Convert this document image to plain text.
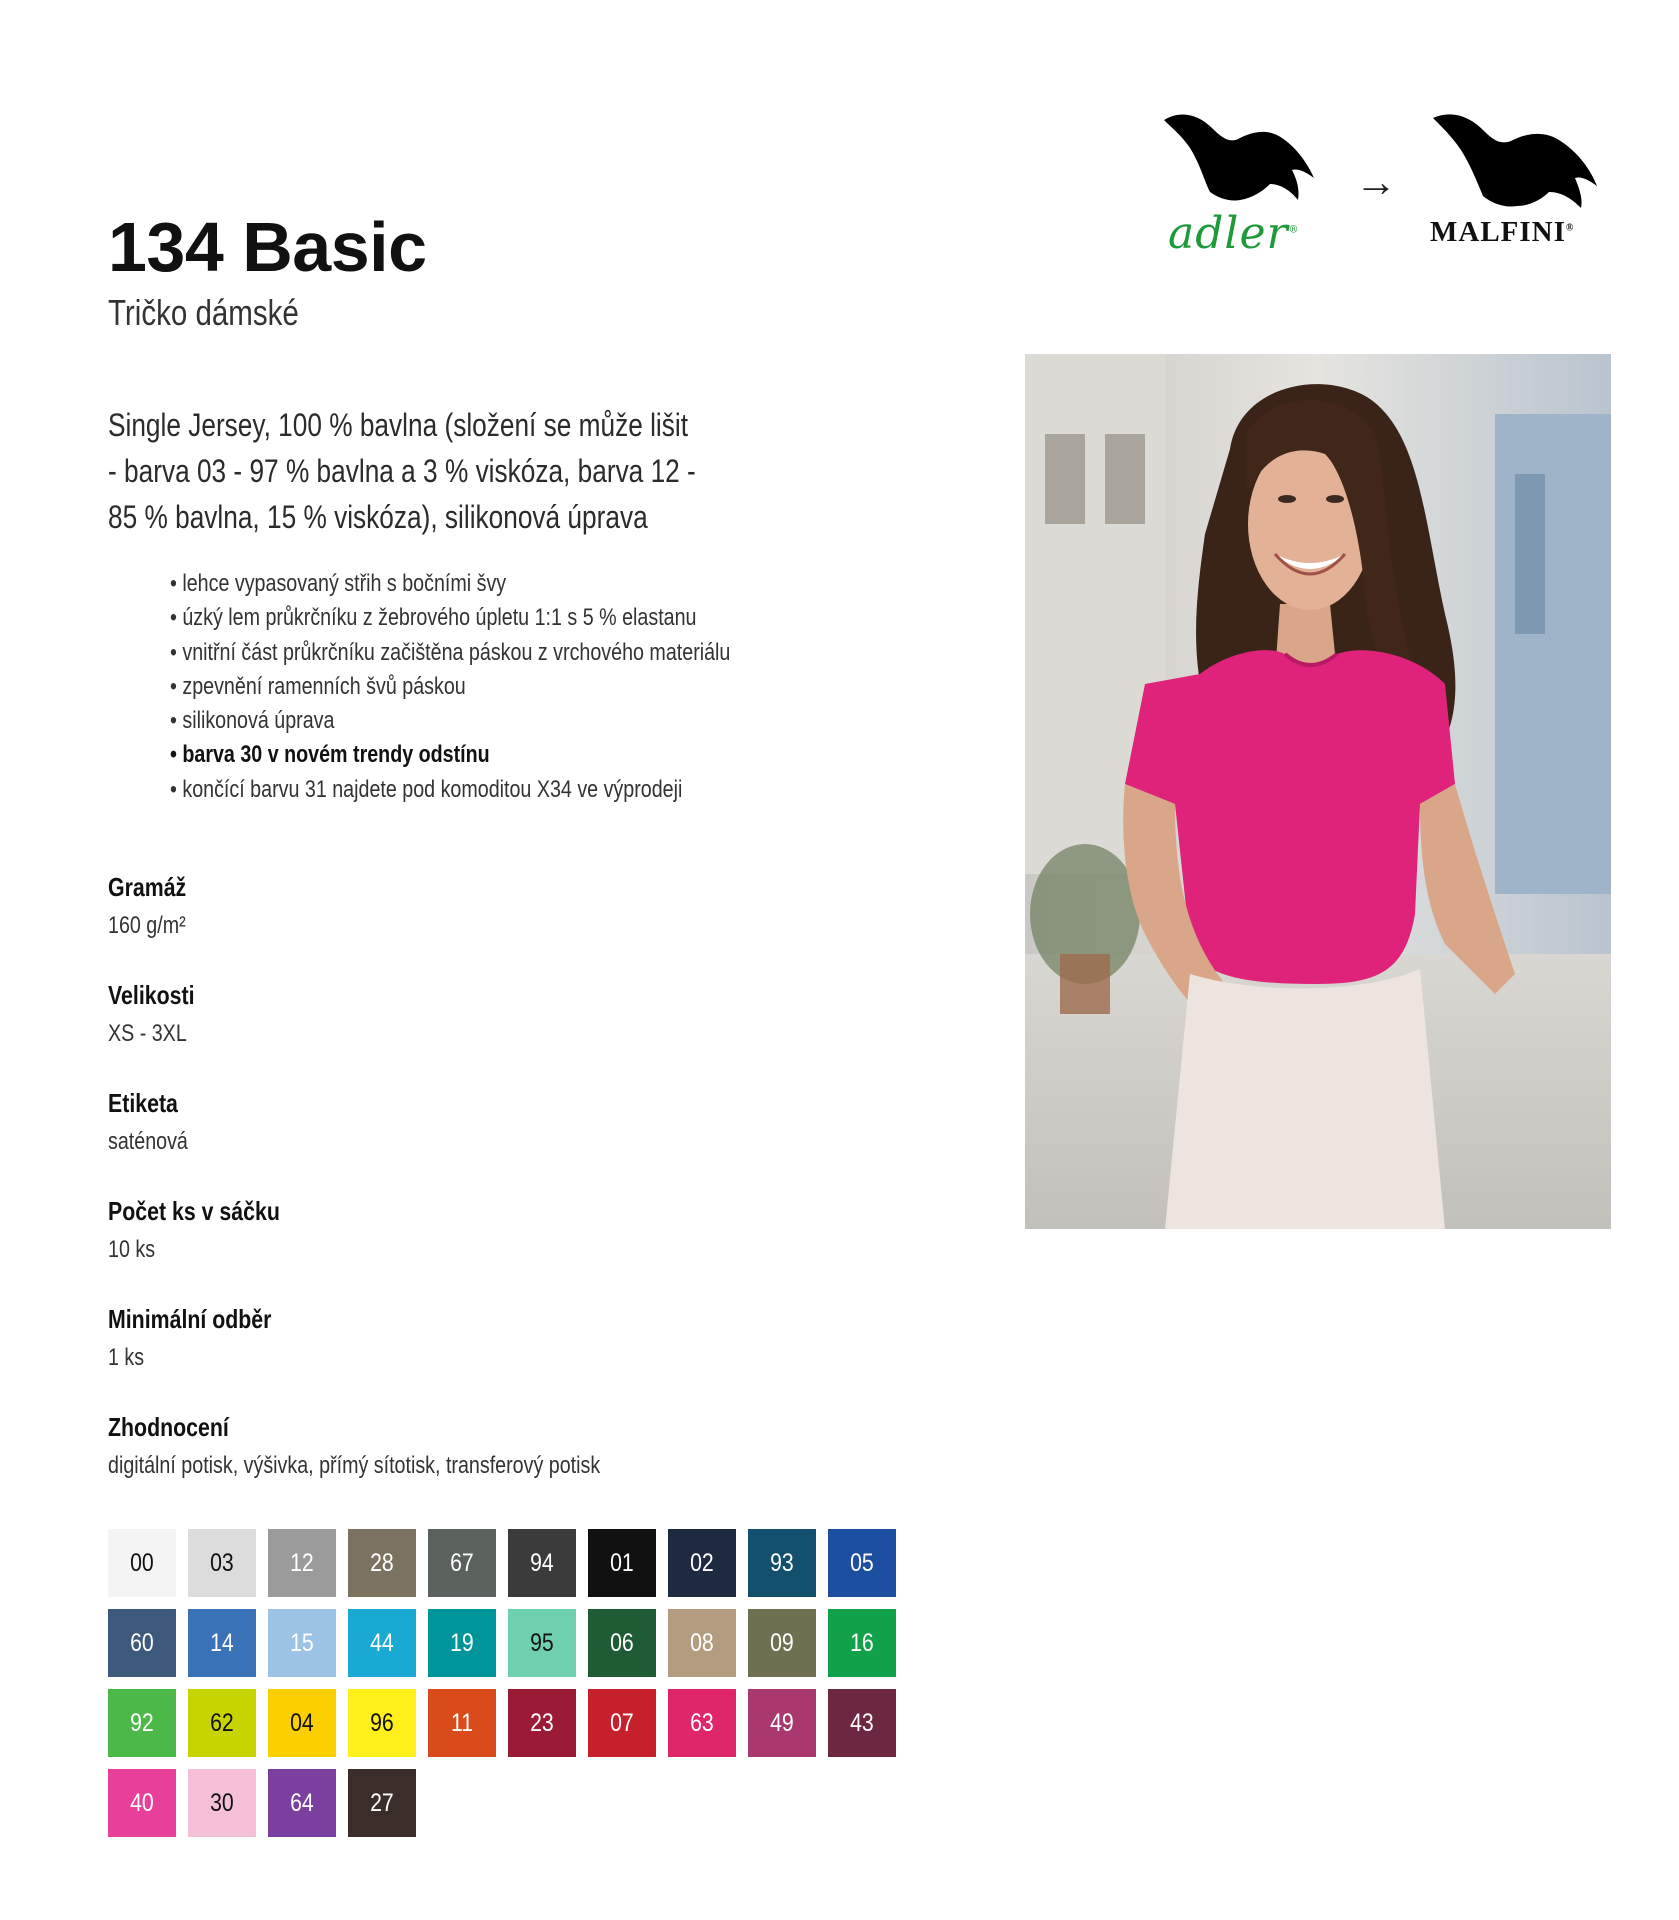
adler®
→
MALFINI®
134 Basic
Tričko dámské
Single Jersey, 100 % bavlna (složení se může lišit - barva 03 - 97 % bavlna a 3 % viskóza, barva 12 - 85 % bavlna, 15 % viskóza), silikonová úprava
• lehce vypasovaný střih s bočními švy
• úzký lem průkrčníku z žebrového úpletu 1:1 s 5 % elastanu
• vnitřní část průkrčníku začištěna páskou z vrchového materiálu
• zpevnění ramenních švů páskou
• silikonová úprava
• barva 30 v novém trendy odstínu
• končící barvu 31 najdete pod komoditou X34 ve výprodeji
Gramáž
160 g/m²
Velikosti
XS - 3XL
Etiketa
saténová
Počet ks v sáčku
10 ks
Minimální odběr
1 ks
Zhodnocení
digitální potisk, výšivka, přímý sítotisk, transferový potisk
00 03 12 28 67 94 01 02 93 05
60 14 15 44 19 95 06 08 09 16
92 62 04 96 11 23 07 63 49 43
40 30 64 27
